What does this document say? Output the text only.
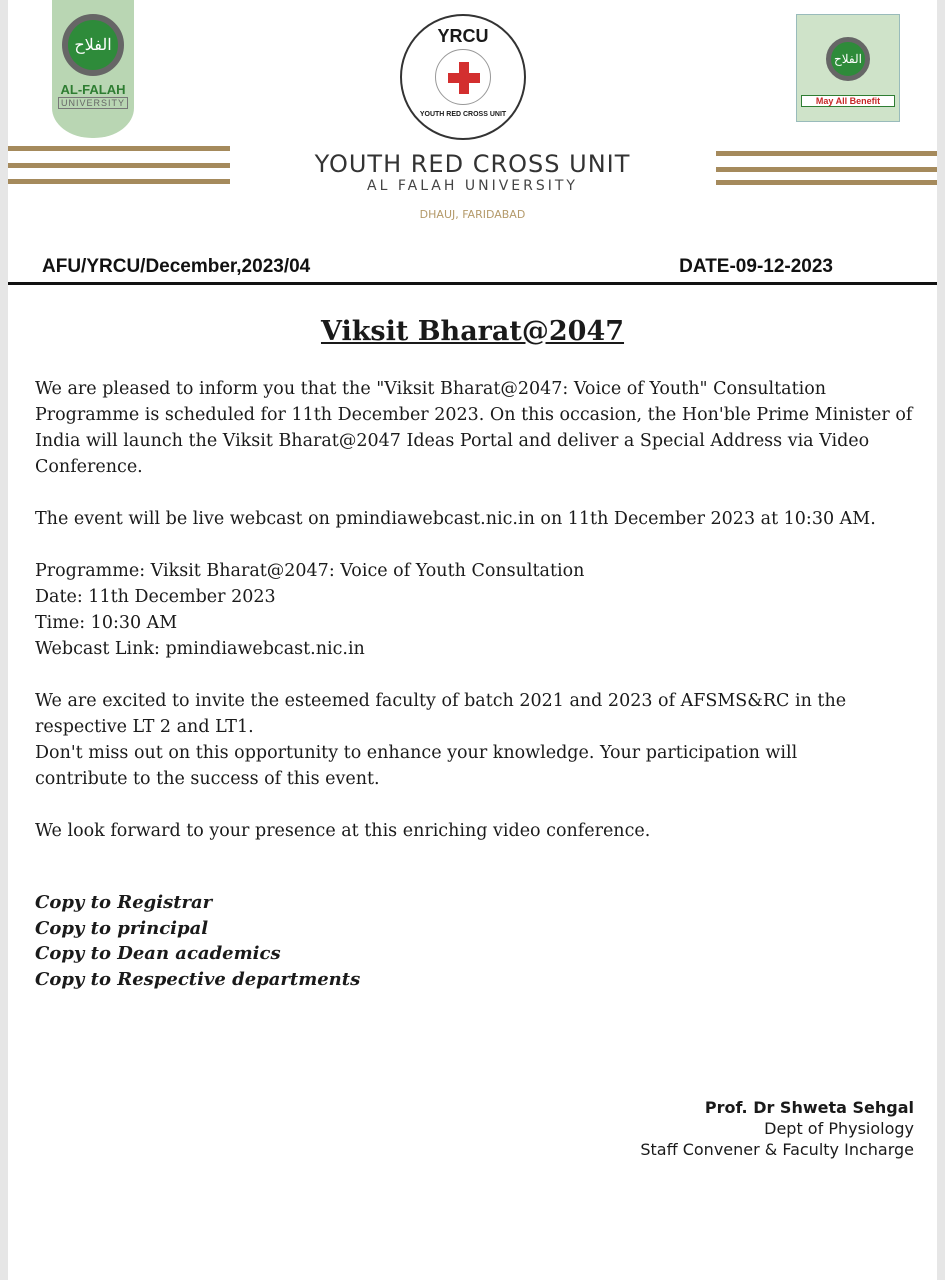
الفلاح
AL-FALAH
UNIVERSITY
YRCU
YOUTH RED CROSS UNIT
الفلاح
May All Benefit
YOUTH RED CROSS UNIT
AL FALAH UNIVERSITY
DHAUJ, FARIDABAD
AFU/YRCU/December,2023/04	DATE-09-12-2023
Viksit Bharat@2047

We are pleased to inform you that the "Viksit Bharat@2047: Voice of Youth" Consultation Programme is scheduled for 11th December 2023. On this occasion, the Hon'ble Prime Minister of India will launch the Viksit Bharat@2047 Ideas Portal and deliver a Special Address via Video Conference.

The event will be live webcast on pmindiawebcast.nic.in on 11th December 2023 at 10:30 AM.

Programme: Viksit Bharat@2047: Voice of Youth Consultation
Date: 11th December 2023
Time: 10:30 AM
Webcast Link: pmindiawebcast.nic.in

We are excited to invite the esteemed faculty of batch 2021 and 2023 of AFSMS&RC in the respective LT 2 and LT1.
Don't miss out on this opportunity to enhance your knowledge. Your participation will contribute to the success of this event.

We look forward to your presence at this enriching video conference.

Copy to Registrar
Copy to principal
Copy to Dean academics
Copy to Respective departments
Prof. Dr Shweta Sehgal
Dept of Physiology
Staff Convener & Faculty Incharge
